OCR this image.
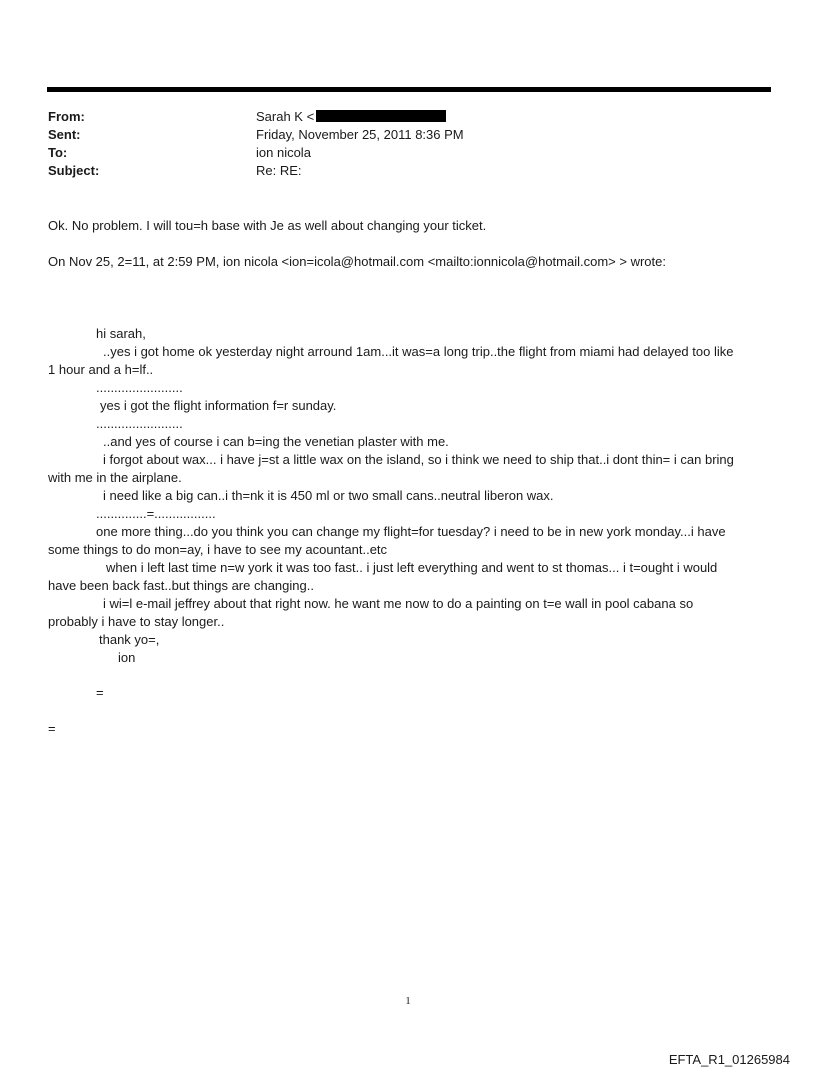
From:	Sarah K <
Sent:	Friday, November 25, 2011 8:36 PM
To:	ion nicola
Subject:	Re: RE:
Ok. No problem. I will tou=h base with Je as well about changing your ticket.
On Nov 25, 2=11, at 2:59 PM, ion nicola <ion=icola@hotmail.com <mailto:ionnicola@hotmail.com> > wrote:
hi sarah,
..yes i got home ok yesterday night arround 1am...it was=a long trip..the flight from miami had delayed too like
1 hour and a h=lf..
........................
yes i got the flight information f=r sunday.
........................
..and yes of course i can b=ing the venetian plaster with me.
i forgot about wax... i have j=st a little wax on the island, so i think we need to ship that..i dont thin= i can bring
with me in the airplane.
i need like a big can..i th=nk it is 450 ml or two small cans..neutral liberon wax.
..............=.................
one more thing...do you think you can change my flight=for tuesday? i need to be in new york monday...i have
some things to do mon=ay, i have to see my acountant..etc
when i left last time n=w york it was too fast.. i just left everything and went to st thomas... i t=ought i would
have been back fast..but things are changing..
i wi=l e-mail jeffrey about that right now. he want me now to do a painting on t=e wall in pool cabana so
probably i have to stay longer..
thank yo=,
ion
=
=
1
EFTA_R1_01265984
